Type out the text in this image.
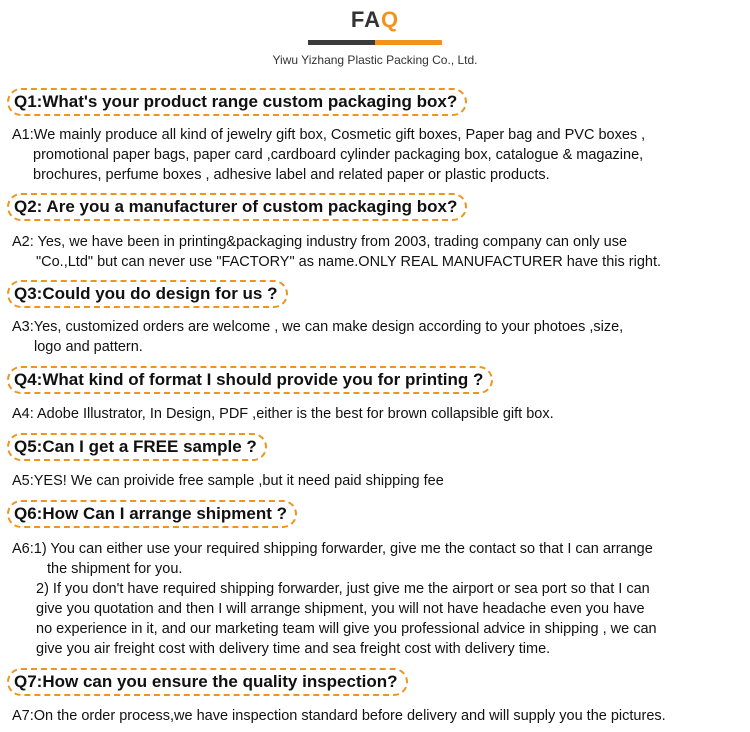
FAQ
Yiwu Yizhang Plastic Packing Co., Ltd.
Q1:What's your product range custom packaging box?
A1:We mainly produce all kind of jewelry gift box, Cosmetic gift boxes, Paper bag and PVC boxes ,
promotional paper bags, paper card ,cardboard cylinder packaging box, catalogue & magazine,
brochures, perfume boxes , adhesive label and related paper or plastic products.
Q2: Are you a manufacturer of custom packaging box?
A2: Yes, we have been in printing&packaging industry from 2003, trading company can only use
"Co.,Ltd" but can never use "FACTORY" as name.ONLY REAL MANUFACTURER have this right.
Q3:Could you do design for us ?
A3:Yes, customized orders are welcome , we can make design according to your photoes ,size,
logo and pattern.
Q4:What kind of format I should provide you for printing ?
A4: Adobe Illustrator, In Design, PDF ,either is the best for brown collapsible gift box.
Q5:Can I get a FREE sample ?
A5:YES! We can proivide free sample ,but it need paid shipping fee
Q6:How Can I arrange shipment ?
A6:1) You can either use your required shipping forwarder, give me the contact so that I can arrange
the shipment for you.
2) If you don't have required shipping forwarder, just give me the airport or sea port so that I can
give you quotation and then I will arrange shipment, you will not have headache even you have
no experience in it, and our marketing team will give you professional advice in shipping , we can
give you air freight cost with delivery time and sea freight cost with delivery time.
Q7:How can you ensure the quality inspection?
A7:On the order process,we have inspection standard before delivery and will supply you the pictures.
